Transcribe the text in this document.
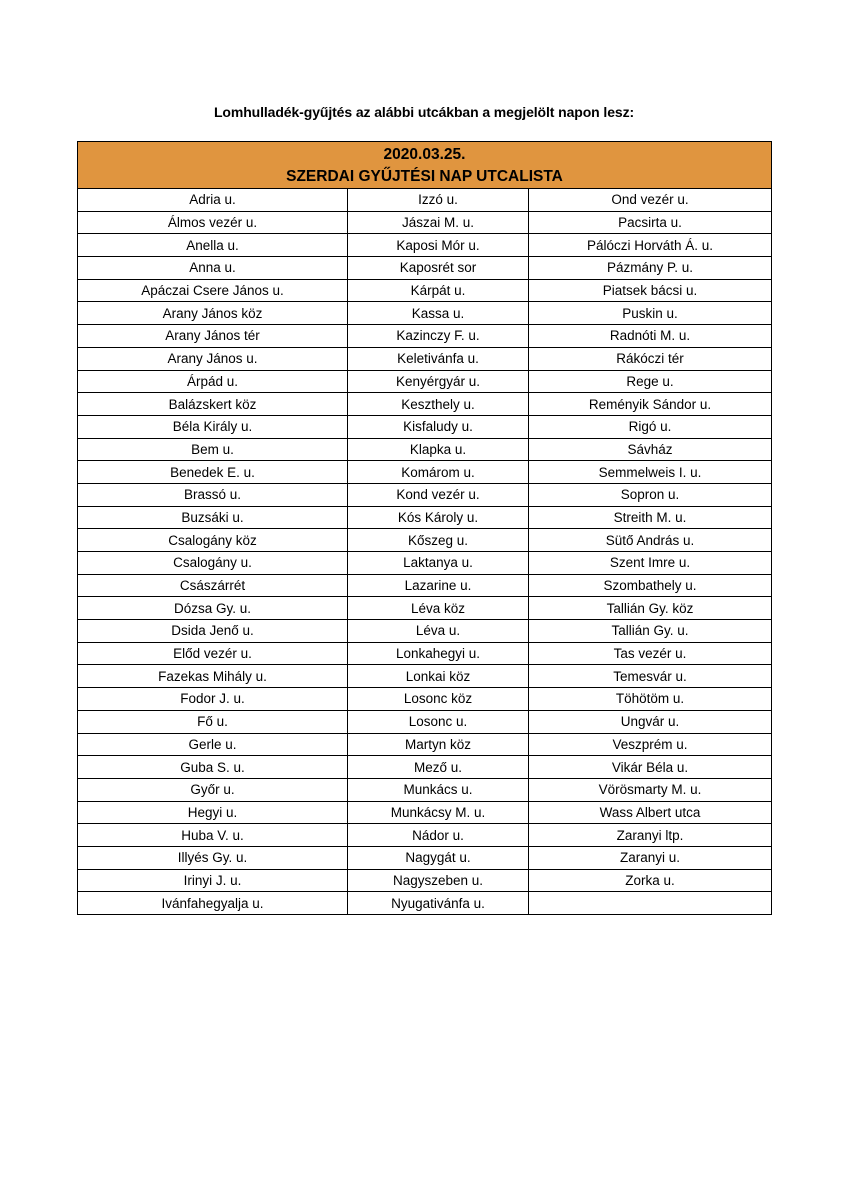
Lomhulladék-gyűjtés az alábbi utcákban a megjelölt napon lesz:
2020.03.25.
SZERDAI GYŰJTÉSI NAP UTCALISTA		

Adria u.	Izzó u.	Ond vezér u.
Álmos vezér u.	Jászai M. u.	Pacsirta u.
Anella u.	Kaposi Mór u.	Pálóczi Horváth Á. u.
Anna u.	Kaposrét sor	Pázmány P. u.
Apáczai Csere János u.	Kárpát u.	Piatsek bácsi u.
Arany János köz	Kassa u.	Puskin u.
Arany János tér	Kazinczy F. u.	Radnóti M. u.
Arany János u.	Keletivánfa u.	Rákóczi tér
Árpád u.	Kenyérgyár u.	Rege u.
Balázskert köz	Keszthely u.	Reményik Sándor u.
Béla Király u.	Kisfaludy u.	Rigó u.
Bem u.	Klapka u.	Sávház
Benedek E. u.	Komárom u.	Semmelweis I. u.
Brassó u.	Kond vezér u.	Sopron u.
Buzsáki u.	Kós Károly u.	Streith M. u.
Csalogány köz	Kőszeg u.	Sütő András u.
Csalogány u.	Laktanya u.	Szent Imre u.
Császárrét	Lazarine u.	Szombathely u.
Dózsa Gy. u.	Léva köz	Tallián Gy. köz
Dsida Jenő u.	Léva u.	Tallián Gy. u.
Előd vezér u.	Lonkahegyi u.	Tas vezér u.
Fazekas Mihály u.	Lonkai köz	Temesvár u.
Fodor J. u.	Losonc köz	Töhötöm u.
Fő u.	Losonc u.	Ungvár u.
Gerle u.	Martyn köz	Veszprém u.
Guba S. u.	Mező u.	Vikár Béla u.
Győr u.	Munkács u.	Vörösmarty M. u.
Hegyi u.	Munkácsy M. u.	Wass Albert utca
Huba V. u.	Nádor u.	Zaranyi ltp.
Illyés Gy. u.	Nagygát u.	Zaranyi u.
Irinyi J. u.	Nagyszeben u.	Zorka u.
Ivánfahegyalja u.	Nyugativánfa u.	
